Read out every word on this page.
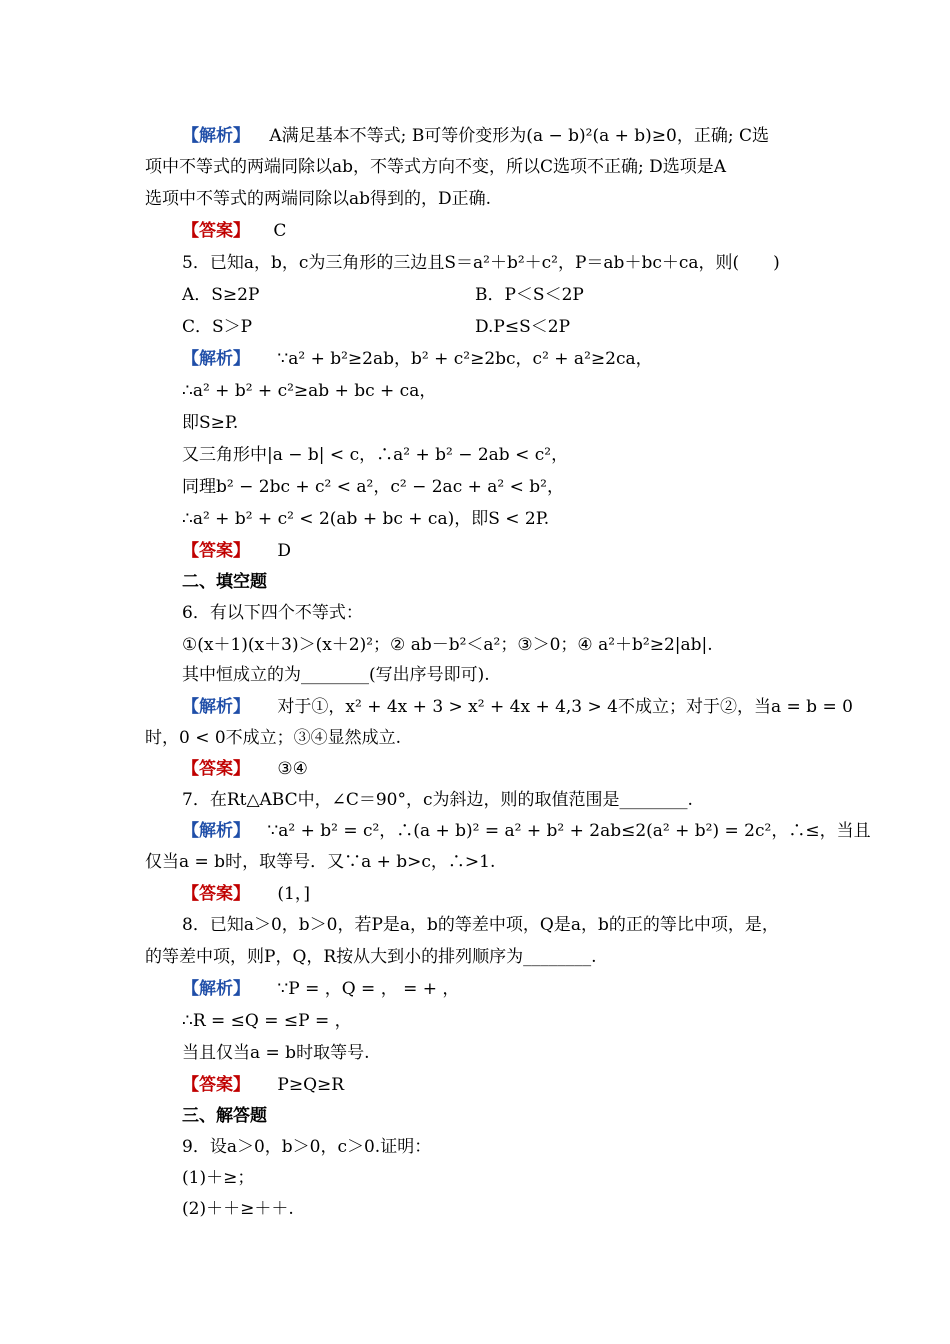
【解析】 A满足基本不等式; B可等价变形为(a − b)²(a + b)≥0，正确; C选
项中不等式的两端同除以ab，不等式方向不变，所以C选项不正确; D选项是A
选项中不等式的两端同除以ab得到的，D正确.
【答案】 C
5．已知a，b，c为三角形的三边且S＝a²＋b²＋c²，P＝ab＋bc＋ca，则(　　)
A．S≥2P	B．P＜S＜2P
C．S＞P	D.P≤S＜2P
【解析】 ∵a² + b²≥2ab，b² + c²≥2bc，c² + a²≥2ca，
∴a² + b² + c²≥ab + bc + ca，
即S≥P.
又三角形中|a − b| < c，∴a² + b² − 2ab < c²，
同理b² − 2bc + c² < a²，c² − 2ac + a² < b²，
∴a² + b² + c² < 2(ab + bc + ca)，即S < 2P.
【答案】 D
二、填空题
6．有以下四个不等式：
①(x＋1)(x＋3)＞(x＋2)²；② ab－b²＜a²；③＞0；④ a²＋b²≥2|ab|.
其中恒成立的为________(写出序号即可).
【解析】 对于①，x² + 4x + 3 > x² + 4x + 4,3 > 4不成立；对于②，当a = b = 0
时，0 < 0不成立；③④显然成立.
【答案】 ③④
7．在Rt△ABC中，∠C＝90°，c为斜边，则的取值范围是________.
【解析】 ∵a² + b² = c²，∴(a + b)² = a² + b² + 2ab≤2(a² + b²) = 2c²，∴≤，当且
仅当a = b时，取等号．又∵a + b>c，∴>1.
【答案】 (1，]
8．已知a＞0，b＞0，若P是a，b的等差中项，Q是a，b的正的等比中项，是，
的等差中项，则P，Q，R按从大到小的排列顺序为________.
【解析】 ∵P = ，Q = ， = + ，
∴R = ≤Q = ≤P = ，
当且仅当a = b时取等号.
【答案】 P≥Q≥R
三、解答题
9．设a＞0，b＞0，c＞0.证明：
(1)＋≥；
(2)＋＋≥＋＋.
